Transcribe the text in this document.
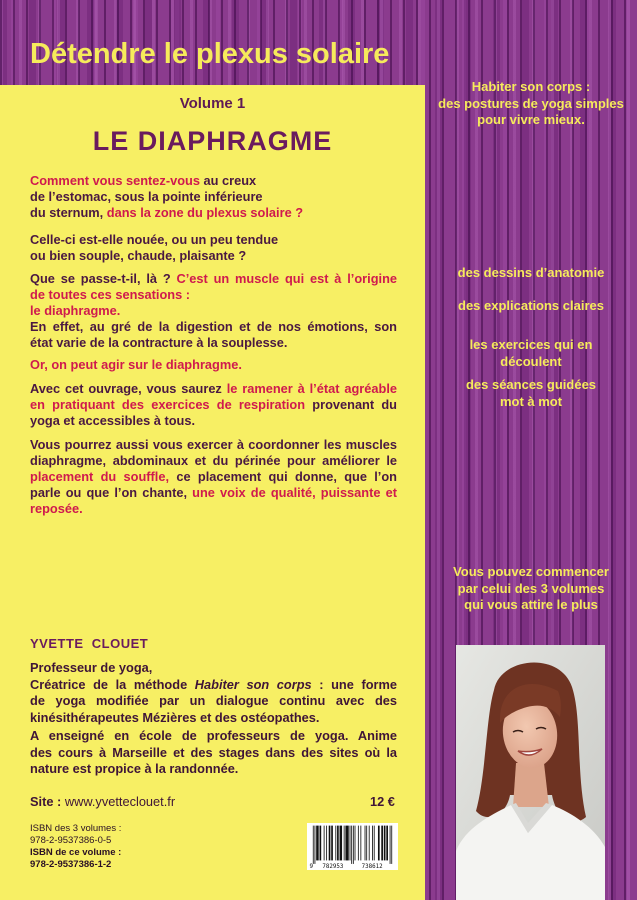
Détendre le plexus solaire
Volume 1
LE DIAPHRAGME
Comment vous sentez-vous au creux
de l’estomac, sous la pointe inférieure
du sternum, dans la zone du plexus solaire ?
Celle-ci est-elle nouée, ou un peu tendue
ou bien souple, chaude, plaisante ?
Que se passe-t-il, là ? C’est un muscle qui est à l’origine
de toutes ces sensations :
le diaphragme.
En effet, au gré de la digestion et de nos émotions, son
état varie de la contracture à la souplesse.
Or, on peut agir sur le diaphragme.
Avec cet ouvrage, vous saurez le ramener à l’état agréable
en pratiquant des exercices de respiration provenant du
yoga et accessibles à tous.
Vous pourrez aussi vous exercer à coordonner les muscles
diaphragme, abdominaux et du périnée pour améliorer le
placement du souffle, ce placement qui donne, que l’on
parle ou que l’on chante, une voix de qualité, puissante et
reposée.
YVETTE  CLOUET
Professeur de yoga,
Créatrice de la méthode Habiter son corps : une forme
de yoga modifiée par un dialogue continu avec des
kinésithérapeutes Mézières et des ostéopathes.
A enseigné en école de professeurs de yoga. Anime
des cours à Marseille et des stages dans des sites où la
nature est propice à la randonnée.
Site : www.yvetteclouet.fr	12 €
ISBN des 3 volumes :
978-2-9537386-0-5
ISBN de ce volume :
978-2-9537386-1-2	9 782953	738612
Habiter son corps :
des postures de yoga simples
pour vivre mieux.
des dessins d’anatomie
des explications claires
les exercices qui en
découlent
des séances guidées
mot à mot
Vous pouvez commencer
par celui des 3 volumes
qui vous attire le plus
